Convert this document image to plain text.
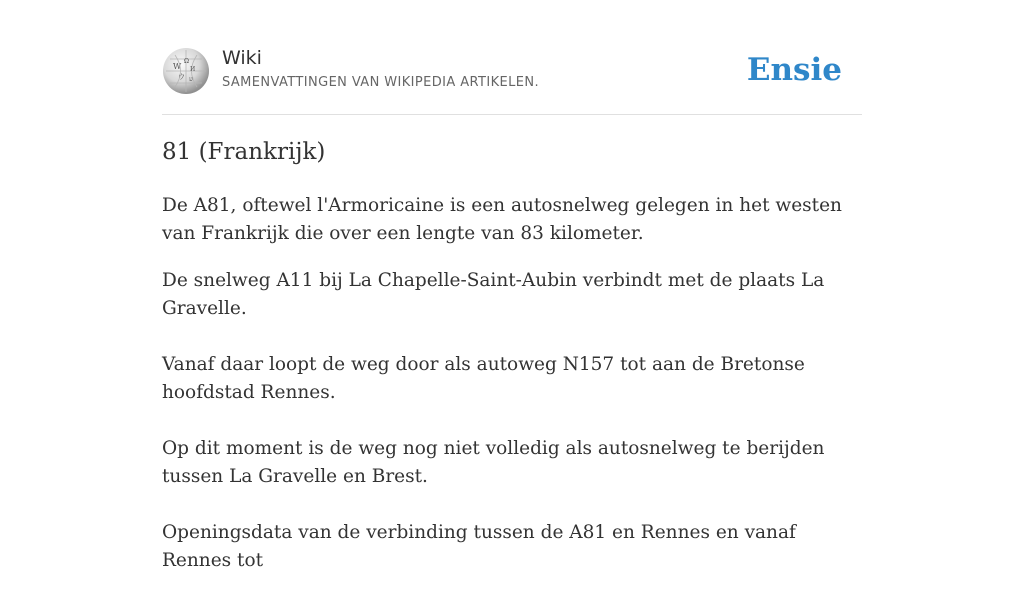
W
Ω
И
ウ ש
Wiki
SAMENVATTINGEN VAN WIKIPEDIA ARTIKELEN.	Ensie
81 (Frankrijk)

De A81, oftewel l'Armoricaine is een autosnelweg gelegen in het westen van Frankrijk die over een lengte van 83 kilometer.

De snelweg A11 bij La Chapelle-Saint-Aubin verbindt met de plaats La Gravelle.

Vanaf daar loopt de weg door als autoweg N157 tot aan de Bretonse hoofdstad Rennes.

Op dit moment is de weg nog niet volledig als autosnelweg te berijden tussen La Gravelle en Brest.

Openingsdata van de verbinding tussen de A81 en Rennes en vanaf Rennes tot
